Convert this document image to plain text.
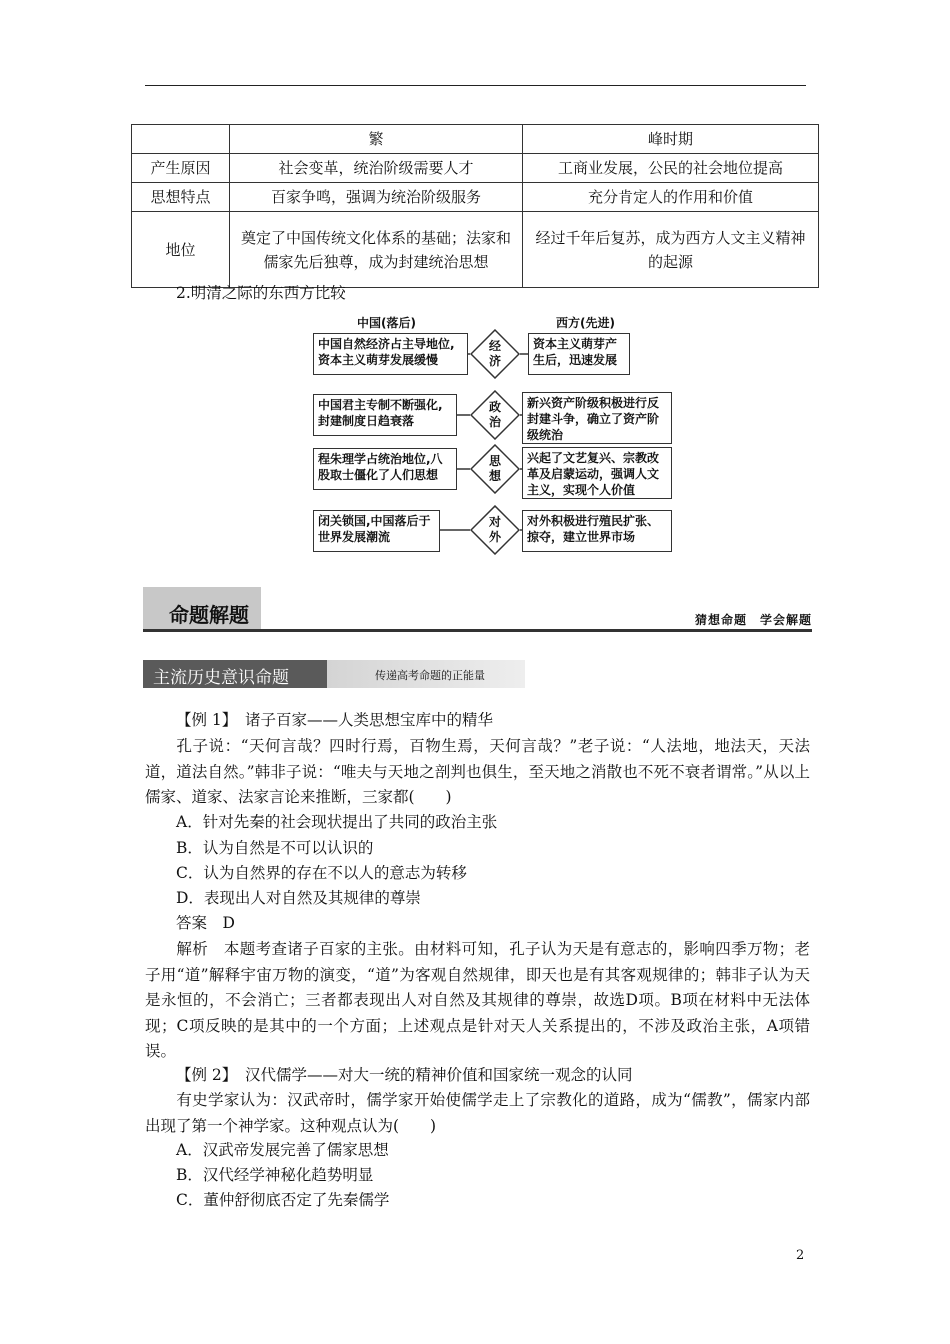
	繁	峰时期
产生原因	社会变革，统治阶级需要人才	工商业发展，公民的社会地位提高
思想特点	百家争鸣，强调为统治阶级服务	充分肯定人的作用和价值
地位	奠定了中国传统文化体系的基础；法家和儒家先后独尊，成为封建统治思想	经过千年后复苏，成为西方人文主义精神的起源
2.明清之际的东西方比较
中国(落后)	西方(先进)
中国自然经济占主导地位,资本主义萌芽发展缓慢
经
济
资本主义萌芽产生后，迅速发展
中国君主专制不断强化,封建制度日趋衰落
政
治
新兴资产阶级积极进行反封建斗争，确立了资产阶级统治
程朱理学占统治地位,八股取士僵化了人们思想
思
想
兴起了文艺复兴、宗教改革及启蒙运动，强调人文主义，实现个人价值
闭关锁国,中国落后于世界发展潮流
对
外
对外积极进行殖民扩张、掠夺，建立世界市场
命题解题	猜想命题　学会解题
主流历史意识命题	传递高考命题的正能量
【例 1】  诸子百家——人类思想宝库中的精华
孔子说：“天何言哉？四时行焉，百物生焉，天何言哉？”老子说：“人法地，地法天，天法道，道法自然。”韩非子说：“唯夫与天地之剖判也俱生，至天地之消散也不死不衰者谓常。”从以上儒家、道家、法家言论来推断，三家都(　　)
A．针对先秦的社会现状提出了共同的政治主张
B．认为自然是不可以认识的
C．认为自然界的存在不以人的意志为转移
D．表现出人对自然及其规律的尊崇
答案　D
解析　本题考查诸子百家的主张。由材料可知，孔子认为天是有意志的，影响四季万物；老子用“道”解释宇宙万物的演变，“道”为客观自然规律，即天也是有其客观规律的；韩非子认为天是永恒的，不会消亡；三者都表现出人对自然及其规律的尊崇，故选D项。B项在材料中无法体现；C项反映的是其中的一个方面；上述观点是针对天人关系提出的，不涉及政治主张，A项错误。
【例 2】  汉代儒学——对大一统的精神价值和国家统一观念的认同
有史学家认为：汉武帝时，儒学家开始使儒学走上了宗教化的道路，成为“儒教”，儒家内部出现了第一个神学家。这种观点认为(　　)
A．汉武帝发展完善了儒家思想
B．汉代经学神秘化趋势明显
C．董仲舒彻底否定了先秦儒学
2
